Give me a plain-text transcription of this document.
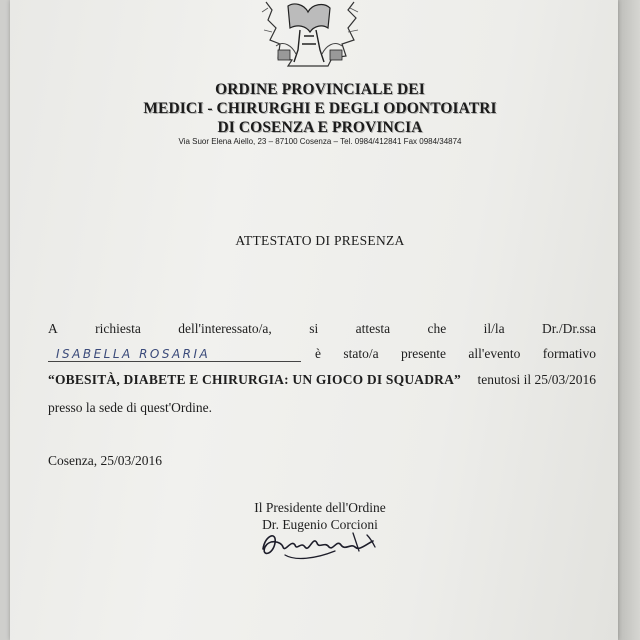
ORDINE PROVINCIALE DEI
MEDICI - CHIRURGHI E DEGLI ODONTOIATRI
DI COSENZA E PROVINCIA
Via Suor Elena Aiello, 23 – 87100 Cosenza – Tel. 0984/412841 Fax 0984/34874
ATTESTATO DI PRESENZA
A	richiesta	dell'interessato/a,	si	attesta	che	il/la	Dr./Dr.ssa
ISABELLA ROSARIA	è stato/a presente all'evento formativo
“OBESITÀ, DIABETE E CHIRURGIA: UN GIOCO DI SQUADRA” tenutosi il 25/03/2016
presso la sede di quest'Ordine.
Cosenza, 25/03/2016
Il Presidente dell'Ordine
Dr. Eugenio Corcioni
